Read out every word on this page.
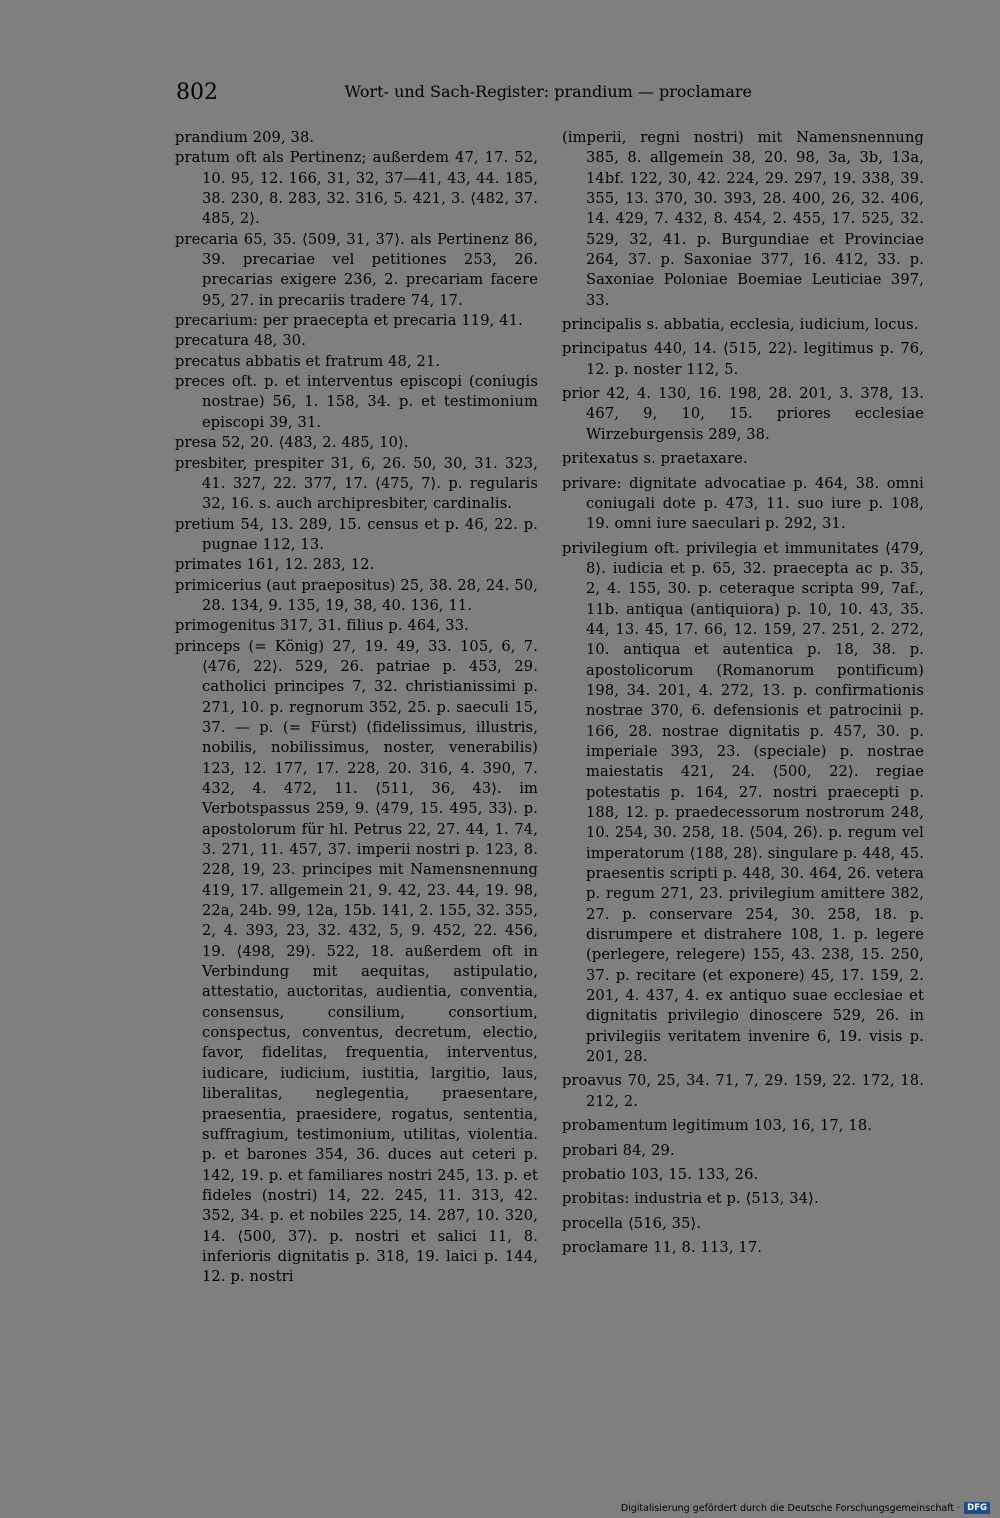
802	Wort- und Sach-Register: prandium — proclamare

prandium 209, 38.

pratum oft als Pertinenz; außerdem 47, 17. 52, 10. 95, 12. 166, 31, 32, 37—41, 43, 44. 185, 38. 230, 8. 283, 32. 316, 5. 421, 3. ⟨482, 37. 485, 2⟩.

precaria 65, 35. ⟨509, 31, 37⟩. als Pertinenz 86, 39. precariae vel petitiones 253, 26. precarias exigere 236, 2. precariam facere 95, 27. in precariis tradere 74, 17.

precarium: per praecepta et precaria 119, 41.

precatura 48, 30.

precatus abbatis et fratrum 48, 21.

preces oft. p. et interventus episcopi (coniugis nostrae) 56, 1. 158, 34. p. et testimonium episcopi 39, 31.

presa 52, 20. ⟨483, 2. 485, 10⟩.

presbiter, prespiter 31, 6, 26. 50, 30, 31. 323, 41. 327, 22. 377, 17. ⟨475, 7⟩. p. regularis 32, 16. s. auch archipresbiter, cardinalis.

pretium 54, 13. 289, 15. census et p. 46, 22. p. pugnae 112, 13.

primates 161, 12. 283, 12.

primicerius (aut praepositus) 25, 38. 28, 24. 50, 28. 134, 9. 135, 19, 38, 40. 136, 11.

primogenitus 317, 31. filius p. 464, 33.

princeps (= König) 27, 19. 49, 33. 105, 6, 7. ⟨476, 22⟩. 529, 26. patriae p. 453, 29. catholici principes 7, 32. christianissimi p. 271, 10. p. regnorum 352, 25. p. saeculi 15, 37. — p. (= Fürst) (fidelissimus, illustris, nobilis, nobilissimus, noster, venerabilis) 123, 12. 177, 17. 228, 20. 316, 4. 390, 7. 432, 4. 472, 11. ⟨511, 36, 43⟩. im Verbotspassus 259, 9. ⟨479, 15. 495, 33⟩. p. apostolorum für hl. Petrus 22, 27. 44, 1. 74, 3. 271, 11. 457, 37. imperii nostri p. 123, 8. 228, 19, 23. principes mit Namensnennung 419, 17. allgemein 21, 9. 42, 23. 44, 19. 98, 22a, 24b. 99, 12a, 15b. 141, 2. 155, 32. 355, 2, 4. 393, 23, 32. 432, 5, 9. 452, 22. 456, 19. ⟨498, 29⟩. 522, 18. außerdem oft in Verbindung mit aequitas, astipulatio, attestatio, auctoritas, audientia, conventia, consensus, consilium, consortium, conspectus, conventus, decretum, electio, favor, fidelitas, frequentia, interventus, iudicare, iudicium, iustitia, largitio, laus, liberalitas, neglegentia, praesentare, praesentia, praesidere, rogatus, sententia, suffragium, testimonium, utilitas, violentia. p. et barones 354, 36. duces aut ceteri p. 142, 19. p. et familiares nostri 245, 13. p. et fideles (nostri) 14, 22. 245, 11. 313, 42. 352, 34. p. et nobiles 225, 14. 287, 10. 320, 14. ⟨500, 37⟩. p. nostri et salici 11, 8. inferioris dignitatis p. 318, 19. laici p. 144, 12. p. nostri

(imperii, regni nostri) mit Namensnennung 385, 8. allgemein 38, 20. 98, 3a, 3b, 13a, 14bf. 122, 30, 42. 224, 29. 297, 19. 338, 39. 355, 13. 370, 30. 393, 28. 400, 26, 32. 406, 14. 429, 7. 432, 8. 454, 2. 455, 17. 525, 32. 529, 32, 41. p. Burgundiae et Provinciae 264, 37. p. Saxoniae 377, 16. 412, 33. p. Saxoniae Poloniae Boemiae Leuticiae 397, 33.

principalis s. abbatia, ecclesia, iudicium, locus.

principatus 440, 14. ⟨515, 22⟩. legitimus p. 76, 12. p. noster 112, 5.

prior 42, 4. 130, 16. 198, 28. 201, 3. 378, 13. 467, 9, 10, 15. priores ecclesiae Wirzeburgensis 289, 38.

pritexatus s. praetaxare.

privare: dignitate advocatiae p. 464, 38. omni coniugali dote p. 473, 11. suo iure p. 108, 19. omni iure saeculari p. 292, 31.

privilegium oft. privilegia et immunitates ⟨479, 8⟩. iudicia et p. 65, 32. praecepta ac p. 35, 2, 4. 155, 30. p. ceteraque scripta 99, 7af., 11b. antiqua (antiquiora) p. 10, 10. 43, 35. 44, 13. 45, 17. 66, 12. 159, 27. 251, 2. 272, 10. antiqua et autentica p. 18, 38. p. apostolicorum (Romanorum pontificum) 198, 34. 201, 4. 272, 13. p. confirmationis nostrae 370, 6. defensionis et patrocinii p. 166, 28. nostrae dignitatis p. 457, 30. p. imperiale 393, 23. (speciale) p. nostrae maiestatis 421, 24. ⟨500, 22⟩. regiae potestatis p. 164, 27. nostri praecepti p. 188, 12. p. praedecessorum nostrorum 248, 10. 254, 30. 258, 18. ⟨504, 26⟩. p. regum vel imperatorum ⟨188, 28⟩. singulare p. 448, 45. praesentis scripti p. 448, 30. 464, 26. vetera p. regum 271, 23. privilegium amittere 382, 27. p. conservare 254, 30. 258, 18. p. disrumpere et distrahere 108, 1. p. legere (perlegere, relegere) 155, 43. 238, 15. 250, 37. p. recitare (et exponere) 45, 17. 159, 2. 201, 4. 437, 4. ex antiquo suae ecclesiae et dignitatis privilegio dinoscere 529, 26. in privilegiis veritatem invenire 6, 19. visis p. 201, 28.

proavus 70, 25, 34. 71, 7, 29. 159, 22. 172, 18. 212, 2.

probamentum legitimum 103, 16, 17, 18.

probari 84, 29.

probatio 103, 15. 133, 26.

probitas: industria et p. ⟨513, 34⟩.

procella ⟨516, 35⟩.

proclamare 11, 8. 113, 17.

Digitalisierung gefördert durch die Deutsche Forschungsgemeinschaft · DFG
